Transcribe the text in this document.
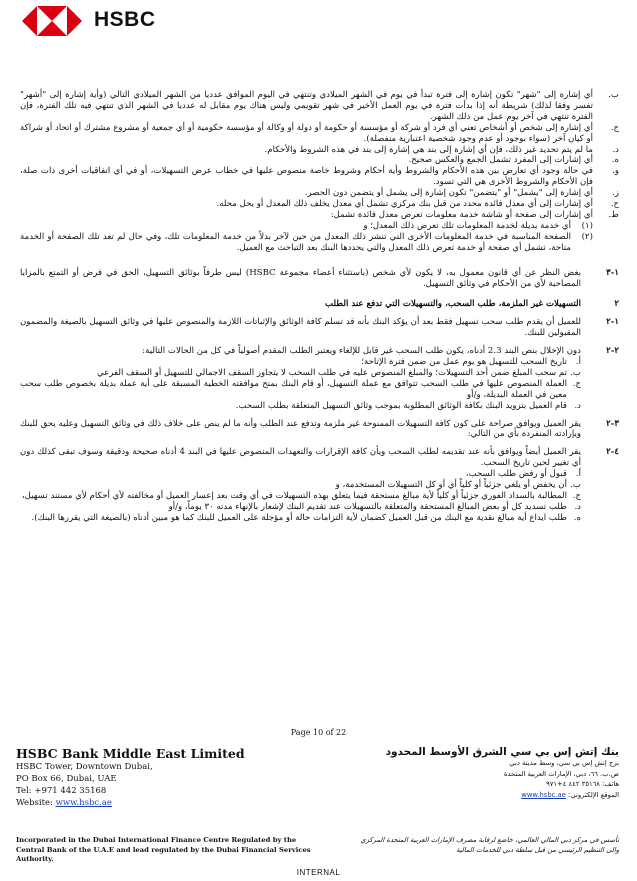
HSBC
ب.
أي إشارة إلى "شهر" تكون إشارة إلى فترة تبدأ في يوم في الشهر الميلادي وتنتهي في اليوم الموافق عدديا من الشهر الميلادي التالي (وأية إشارة إلى "أشهر" تفسر وفقا لذلك) شريطة أنه إذا بدأت فترة في يوم العمل الأخير في شهر تقويمي وليس هناك يوم مقابل له عدديا في الشهر الذي تنتهي فيه تلك الفترة، فإن الفترة تنتهي في آخر يوم عمل من ذلك الشهر.
ج.
أي إشارة إلى شخص أو أشخاص تعني أي فرد أو شركة أو مؤسسة أو حكومة أو دولة أو وكالة أو مؤسسة حكومية أو أي جمعية أو مشروع مشترك أو اتحاد أو شراكة أو كيان آخر (سواء بوجود أو عدم وجود شخصية اعتبارية منفصلة).
د.
ما لم يتم تحديد غير ذلك، فإن أي إشارة إلى بند هي إشارة إلى بند في هذه الشروط والأحكام.
ه.
أي إشارات إلى المفرد تشمل الجمع والعكس صحيح.
و.
في حالة وجود أي تعارض بين هذه الأحكام والشروط وأية أحكام وشروط خاصة منصوص عليها في خطاب عرض التسهيلات، أو في أي اتفاقيات أخرى ذات صلة، فإن الأحكام والشروط الأخرى هي التي تسود.
ز.
أي إشارة إلى "يشمل" أو "يتضمن" تكون إشارة إلى يشمل أو يتضمن دون الحصر.
ح.
أي إشارات إلى أي معدل فائدة محدد من قبل بنك مركزي تشمل أي معدل يخلف ذلك المعدل أو يحل محله.
ط.
أي إشارات إلى صفحة أو شاشة خدمة معلومات تعرض معدل فائدة تشمل:
(١)
أي خدمة بديلة لخدمة المعلومات تلك تعرض ذلك المعدل؛ و
(٢)
الصفحة المناسبة في خدمة المعلومات الأخرى التي تنشر ذلك المعدل من حين لآخر بدلاً من خدمة المعلومات تلك، وفي حال لم تعد تلك الصفحة أو الخدمة متاحة، تشمل أي صفحة أو خدمة تعرض ذلك المعدل والتي يحددها البنك بعد التباحث مع العميل.
١-٣
بغض النظر عن أي قانون معمول به، لا يكون لأي شخص (باستثناء أعضاء مجموعة HSBC) ليس طرفاً بوثائق التسهيل، الحق في فرض أو التمتع بالمزايا المصاحبة لأي من الأحكام في وثائق التسهيل.
٢
التسهيلات غير الملزمة، طلب السحب، والتسهيلات التي تدفع عند الطلب
١-٢
للعميل أن يقدم طلب سحب تسهيل فقط بعد أن يؤكد البنك بأنه قد تسلم كافة الوثائق والإثباتات اللازمة والمنصوص عليها في وثائق التسهيل بالصيغة والمضمون المقبولين للبنك.
٢-٢
دون الإخلال بنص البند 2.3 أدناه، يكون طلب السحب غير قابل للإلغاء ويعتبر الطلب المقدم أصولياً في كل من الحالات التالية:
أ.
تاريخ السحب للتسهيل هو يوم عمل من ضمن فترة الإتاحة؛
ب.
تم سحب المبلغ ضمن أحد التسهيلات؛ والمبلغ المنصوص عليه في طلب السحب لا يتجاوز السقف الاجمالي للتسهيل أو السقف الفرعي
ج.
العملة المنصوص عليها في طلب السحب تتوافق مع عملة التسهيل، أو قام البنك بمنح موافقته الخطية المسبقة على أية عملة بديلة بخصوص طلب سحب معين في العملة البديلة، و/أو
د.
قام العميل بتزويد البنك بكافة الوثائق المطلوبة بموجب وثائق التسهيل المتعلقة بطلب السحب.
٣-٢
يقر العميل ويوافق صراحة على كون كافة التسهيلات الممنوحة غير ملزمة وتدفع عند الطلب وأنه ما لم ينص على خلاف ذلك في وثائق التسهيل وعليه يحق للبنك ويإرادته المنفردة بأي من التالي:
٤-٢
يقر العميل أيضاً ويوافق بأنه عند تقديمه لطلب السحب ويأن كافة الإقرارات والتعهدات المنصوص عليها في البند 4 أدناه صحيحة ودقيقة وسوف تبقى كذلك دون أي تغيير لحين تاريخ السحب.
أ.
قبول أو رفض طلب السحب،
ب.
أن يخفض أو يلغي جزئياً أو كلياً أي أو كل التسهيلات المستخدمة، و
ج.
المطالبة بالسداد الفوري جزئياً أو كلياً لأية مبالغ مستحقة فيما يتعلق بهذه التسهيلات في أي وقت بعد إعسار العميل أو مخالفته لأي أحكام لأي مستند تسهيل،
د.
طلب تسديد كل أو بعض المبالغ المستحقة والمتعلقة بالتسهيلات عند تقديم البنك لإشعار بالإنهاء مدته ٣٠ يوماً، و/أو
ه.
طلب ايداع أية مبالغ نقدية مع البنك من قبل العميل كضمان لأية التزامات حالة أو مؤجلة على العميل للبنك كما هو مبين أدناه (بالصيغة التي يقررها البنك).
Page 10 of 22
HSBC Bank Middle East Limited
HSBC Tower, Downtown Dubai,
PO Box 66, Dubai, UAE
Tel: +971 442 35168
Website: www.hsbc.ae
بنك إتش إس بي سي الشرق الأوسط المحدود
برج إتش إس بي سي، وسط مدينة دبي
ص.ب. ٦٦، دبي، الإمارات العربية المتحدة
هاتف: ٣٥١٦٨ ٤٤٢ ٤+٩٧١
الموقع الإلكتروني: www.hsbc.ae
Incorporated in the Dubai International Finance Centre Regulated by the Central Bank of the U.A.E and lead regulated by the Dubai Financial Services Authority.
تأسس في مركز دبي المالي العالمي، خاضع لرقابة مصرف الإمارات العربية المتحدة المركزي والى التنظيم الرئيسي من قبل سلطة دبي للخدمات المالية
INTERNAL
